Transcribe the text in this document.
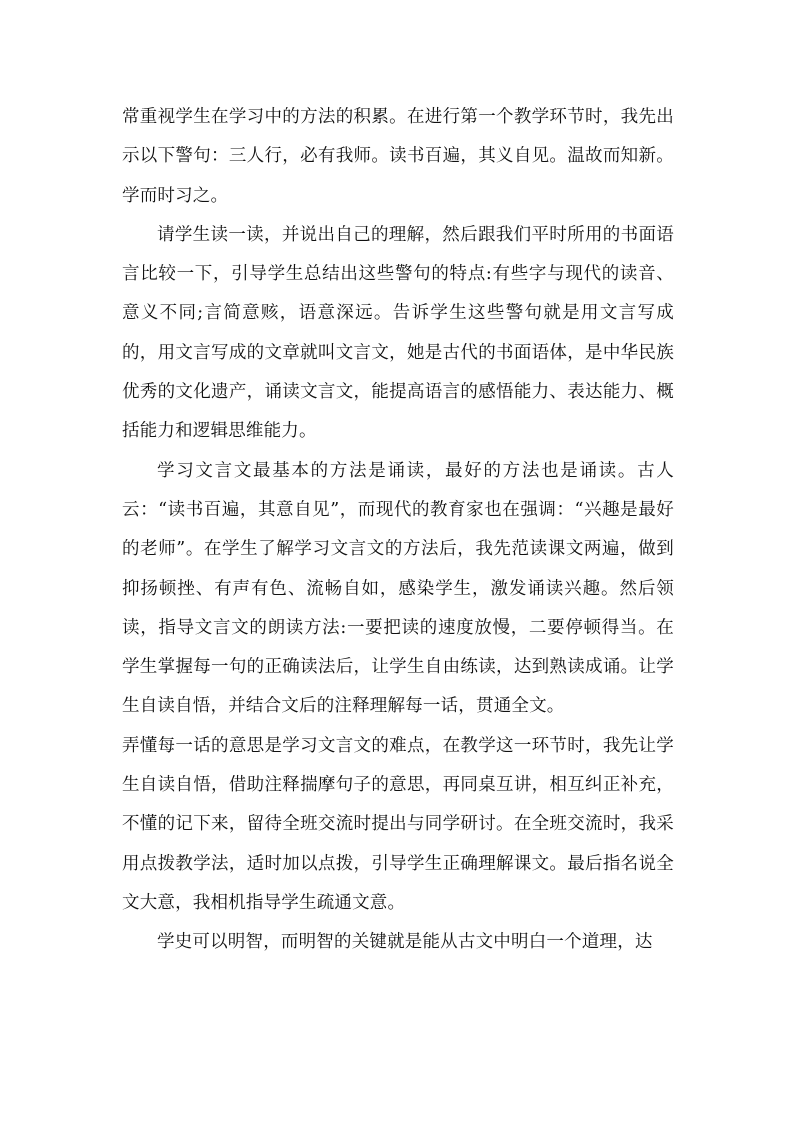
常重视学生在学习中的方法的积累。在进行第一个教学环节时，我先出示以下警句：三人行，必有我师。读书百遍，其义自见。温故而知新。 学而时习之。

请学生读一读，并说出自己的理解，然后跟我们平时所用的书面语言比较一下，引导学生总结出这些警句的特点:有些字与现代的读音、意义不同;言简意赅，语意深远。告诉学生这些警句就是用文言写成的，用文言写成的文章就叫文言文，她是古代的书面语体，是中华民族优秀的文化遗产，诵读文言文，能提高语言的感悟能力、表达能力、概括能力和逻辑思维能力。

学习文言文最基本的方法是诵读，最好的方法也是诵读。古人云：“读书百遍，其意自见”，而现代的教育家也在强调：“兴趣是最好的老师”。在学生了解学习文言文的方法后，我先范读课文两遍，做到抑扬顿挫、有声有色、流畅自如，感染学生，激发诵读兴趣。然后领读，指导文言文的朗读方法:一要把读的速度放慢，二要停顿得当。在学生掌握每一句的正确读法后，让学生自由练读，达到熟读成诵。让学生自读自悟，并结合文后的注释理解每一话，贯通全文。

弄懂每一话的意思是学习文言文的难点，在教学这一环节时，我先让学生自读自悟，借助注释揣摩句子的意思，再同桌互讲，相互纠正补充，不懂的记下来，留待全班交流时提出与同学研讨。在全班交流时，我采用点拨教学法，适时加以点拨，引导学生正确理解课文。最后指名说全文大意，我相机指导学生疏通文意。

学史可以明智，而明智的关键就是能从古文中明白一个道理，达
